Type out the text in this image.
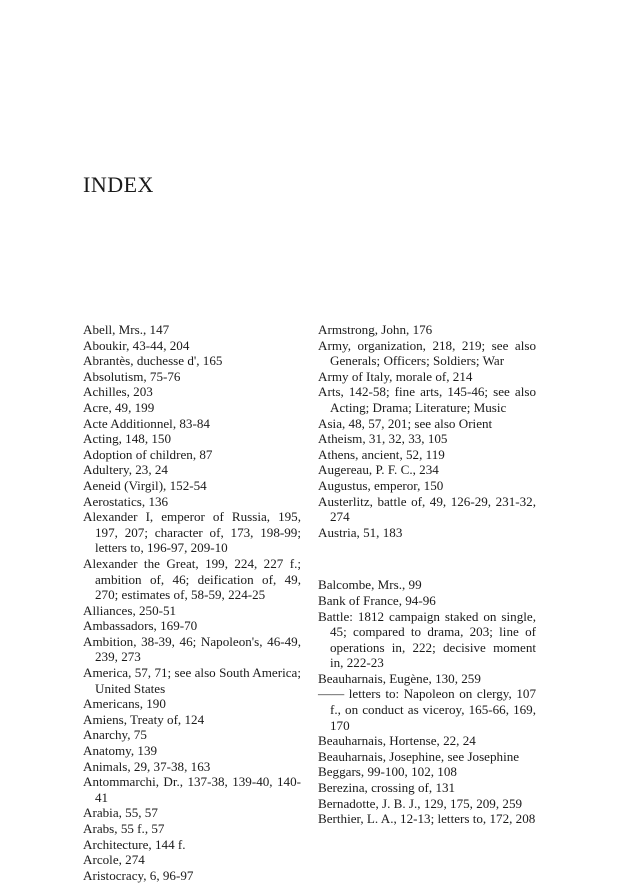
INDEX

Abell, Mrs., 147

Aboukir, 43-44, 204

Abrantès, duchesse d', 165

Absolutism, 75-76

Achilles, 203

Acre, 49, 199

Acte Additionnel, 83-84

Acting, 148, 150

Adoption of children, 87

Adultery, 23, 24

Aeneid (Virgil), 152-54

Aerostatics, 136

Alexander I, emperor of Russia, 195, 197, 207; character of, 173, 198-99; letters to, 196-97, 209-10

Alexander the Great, 199, 224, 227 f.; ambition of, 46; deification of, 49, 270; estimates of, 58-59, 224-25

Alliances, 250-51

Ambassadors, 169-70

Ambition, 38-39, 46; Napoleon's, 46-49, 239, 273

America, 57, 71; see also South America; United States

Americans, 190

Amiens, Treaty of, 124

Anarchy, 75

Anatomy, 139

Animals, 29, 37-38, 163

Antommarchi, Dr., 137-38, 139-40, 140-41

Arabia, 55, 57

Arabs, 55 f., 57

Architecture, 144 f.

Arcole, 274

Aristocracy, 6, 96-97

Armstrong, John, 176

Army, organization, 218, 219; see also Generals; Officers; Soldiers; War

Army of Italy, morale of, 214

Arts, 142-58; fine arts, 145-46; see also Acting; Drama; Literature; Music

Asia, 48, 57, 201; see also Orient

Atheism, 31, 32, 33, 105

Athens, ancient, 52, 119

Augereau, P. F. C., 234

Augustus, emperor, 150

Austerlitz, battle of, 49, 126-29, 231-32, 274

Austria, 51, 183

Balcombe, Mrs., 99

Bank of France, 94-96

Battle: 1812 campaign staked on single, 45; compared to drama, 203; line of operations in, 222; decisive moment in, 222-23

Beauharnais, Eugène, 130, 259

—— letters to: Napoleon on clergy, 107 f., on conduct as viceroy, 165-66, 169, 170

Beauharnais, Hortense, 22, 24

Beauharnais, Josephine, see Josephine

Beggars, 99-100, 102, 108

Berezina, crossing of, 131

Bernadotte, J. B. J., 129, 175, 209, 259

Berthier, L. A., 12-13; letters to, 172, 208
